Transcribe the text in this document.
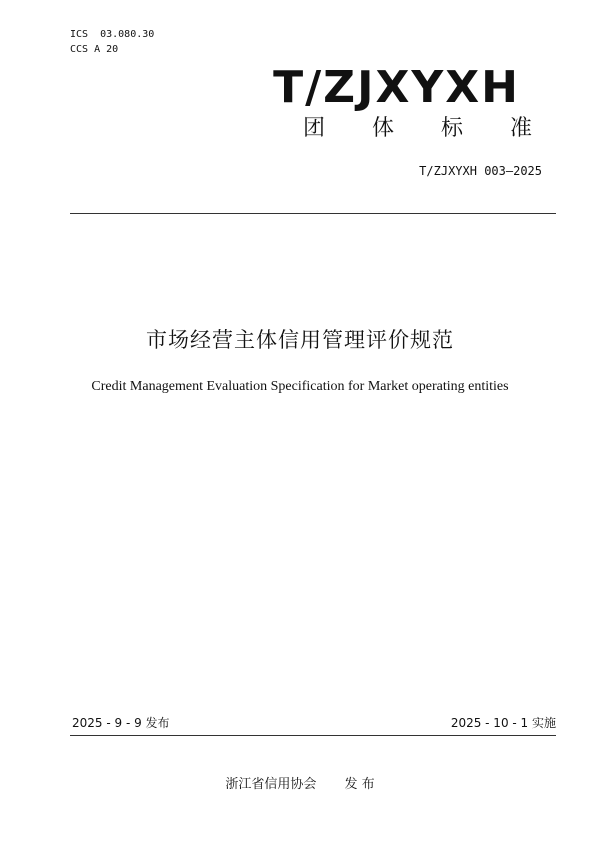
ICS  03.080.30
CCS A 20
T/ZJXYXH
团 体 标 准
T/ZJXYXH 003—2025
市场经营主体信用管理评价规范
Credit Management Evaluation Specification for Market operating entities
2025 - 9 - 9 发布	2025 - 10 - 1 实施
浙江省信用协会 发 布
